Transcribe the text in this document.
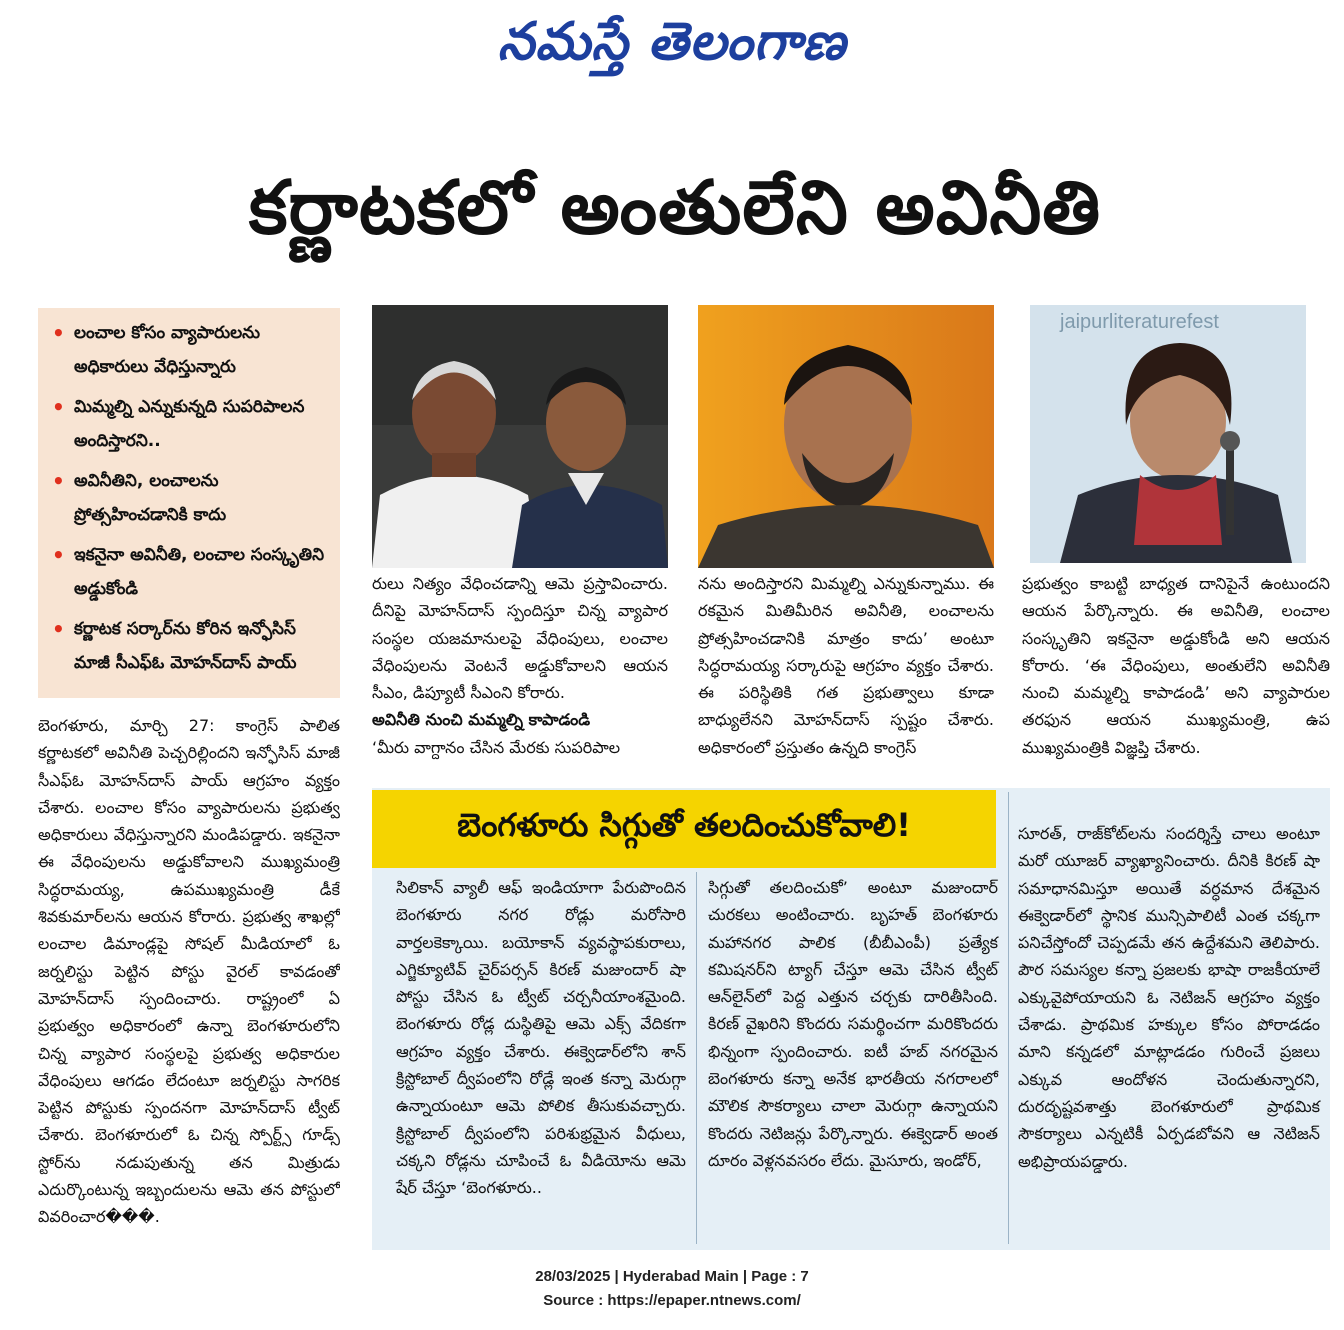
నమస్తే తెలంగాణ
కర్ణాటకలో అంతులేని అవినీతి
• లంచాల కోసం వ్యాపారులను అధికారులు వేధిస్తున్నారు
• మిమ్మల్ని ఎన్నుకున్నది సుపరిపాలన అందిస్తారని..
• అవినీతిని, లంచాలను ప్రోత్సహించడానికి కాదు
• ఇకనైనా అవినీతి, లంచాల సంస్కృతిని అడ్డుకోండి
• కర్ణాటక సర్కార్‌ను కోరిన ఇన్ఫోసిస్ మాజీ సీఎఫ్‌ఓ మోహన్‌దాస్ పాయ్
jaipurliteraturefest
బెంగళూరు, మార్చి 27: కాంగ్రెస్ పాలిత కర్ణాటకలో అవినీతి పెచ్చరిల్లిందని ఇన్ఫోసిస్ మాజీ సీఎఫ్‌ఓ మోహన్‌దాస్ పాయ్ ఆగ్రహం వ్యక్తం చేశారు. లంచాల కోసం వ్యాపారులను ప్రభుత్వ అధికారులు వేధిస్తున్నారని మండిపడ్డారు. ఇకనైనా ఈ వేధింపులను అడ్డుకోవాలని ముఖ్యమంత్రి సిద్ధరామయ్య, ఉపముఖ్యమంత్రి డీకే శివకుమార్‌లను ఆయన కోరారు. ప్రభుత్వ శాఖల్లో లంచాల డిమాండ్లపై సోషల్ మీడియాలో ఓ జర్నలిస్టు పెట్టిన పోస్టు వైరల్ కావడంతో మోహన్‌దాస్ స్పందించారు. రాష్ట్రంలో ఏ ప్రభుత్వం అధికారంలో ఉన్నా బెంగళూరులోని చిన్న వ్యాపార సంస్థలపై ప్రభుత్వ అధికారుల వేధింపులు ఆగడం లేదంటూ జర్నలిస్టు సాగరిక పెట్టిన పోస్టుకు స్పందనగా మోహన్‌దాస్ ట్వీట్ చేశారు. బెంగళూరులో ఓ చిన్న స్పోర్ట్స్ గూడ్స్ స్టోర్‌ను నడుపుతున్న తన మిత్రుడు ఎదుర్కొంటున్న ఇబ్బందులను ఆమె తన పోస్టులో వివరించార���.
రులు నిత్యం వేధించడాన్ని ఆమె ప్రస్తావించారు. దీనిపై మోహన్‌దాస్ స్పందిస్తూ చిన్న వ్యాపార సంస్థల యజమానులపై వేధింపులు, లంచాల వేధింపులను వెంటనే అడ్డుకోవాలని ఆయన సీఎం, డిప్యూటీ సీఎంని కోరారు.
అవినీతి నుంచి మమ్మల్ని కాపాడండి
‘మీరు వాగ్దానం చేసిన మేరకు సుపరిపాల
నను అందిస్తారని మిమ్మల్ని ఎన్నుకున్నాము. ఈ రకమైన మితిమీరిన అవినీతి, లంచాలను ప్రోత్సహించడానికి మాత్రం కాదు’ అంటూ సిద్ధరామయ్య సర్కారుపై ఆగ్రహం వ్యక్తం చేశారు. ఈ పరిస్థితికి గత ప్రభుత్వాలు కూడా బాధ్యులేనని మోహన్‌దాస్ స్పష్టం చేశారు. అధికారంలో ప్రస్తుతం ఉన్నది కాంగ్రెస్
ప్రభుత్వం కాబట్టి బాధ్యత దానిపైనే ఉంటుందని ఆయన పేర్కొన్నారు. ఈ అవినీతి, లంచాల సంస్కృతిని ఇకనైనా అడ్డుకోండి అని ఆయన కోరారు. ‘ఈ వేధింపులు, అంతులేని అవినీతి నుంచి మమ్మల్ని కాపాడండి’ అని వ్యాపారుల తరఫున ఆయన ముఖ్యమంత్రి, ఉప ముఖ్యమంత్రికి విజ్ఞప్తి చేశారు.
బెంగళూరు సిగ్గుతో తలదించుకోవాలి!
సిలికాన్ వ్యాలీ ఆఫ్ ఇండియాగా పేరుపొందిన బెంగళూరు నగర రోడ్లు మరోసారి వార్తలకెక్కాయి. బయోకాన్ వ్యవస్థాపకురాలు, ఎగ్జిక్యూటివ్ చైర్‌పర్సన్ కిరణ్ మజుందార్ షా పోస్టు చేసిన ఓ ట్వీట్ చర్చనీయాంశమైంది. బెంగళూరు రోడ్ల దుస్థితిపై ఆమె ఎక్స్ వేదికగా ఆగ్రహం వ్యక్తం చేశారు. ఈక్వెడార్‌లోని శాన్ క్రిస్టోబాల్ ద్వీపంలోని రోడ్లే ఇంత కన్నా మెరుగ్గా ఉన్నాయంటూ ఆమె పోలిక తీసుకువచ్చారు. క్రిస్టోబాల్ ద్వీపంలోని పరిశుభ్రమైన వీధులు, చక్కని రోడ్లను చూపించే ఓ వీడియోను ఆమె షేర్ చేస్తూ ‘బెంగళూరు..
సిగ్గుతో తలదించుకో’ అంటూ మజుందార్ చురకలు అంటించారు. బృహత్ బెంగళూరు మహానగర పాలిక (బీబీఎంపీ) ప్రత్యేక కమిషనర్‌ని ట్యాగ్ చేస్తూ ఆమె చేసిన ట్వీట్ ఆన్‌లైన్‌లో పెద్ద ఎత్తున చర్చకు దారితీసింది. కిరణ్ వైఖరిని కొందరు సమర్థించగా మరికొందరు భిన్నంగా స్పందించారు. ఐటీ హబ్ నగరమైన బెంగళూరు కన్నా అనేక భారతీయ నగరాలలో మౌలిక సౌకర్యాలు చాలా మెరుగ్గా ఉన్నాయని కొందరు నెటిజన్లు పేర్కొన్నారు. ఈక్వెడార్ అంత దూరం వెళ్లనవసరం లేదు. మైసూరు, ఇండోర్,
సూరత్, రాజ్‌కోట్‌లను సందర్శిస్తే చాలు అంటూ మరో యూజర్ వ్యాఖ్యానించారు. దీనికి కిరణ్ షా సమాధానమిస్తూ అయితే వర్ధమాన దేశమైన ఈక్వెడార్‌లో స్థానిక మున్సిపాలిటీ ఎంత చక్కగా పనిచేస్తోందో చెప్పడమే తన ఉద్దేశమని తెలిపారు. పౌర సమస్యల కన్నా ప్రజలకు భాషా రాజకీయాలే ఎక్కువైపోయాయని ఓ నెటిజన్ ఆగ్రహం వ్యక్తం చేశాడు. ప్రాథమిక హక్కుల కోసం పోరాడడం మాని కన్నడలో మాట్లాడడం గురించే ప్రజలు ఎక్కువ ఆందోళన చెందుతున్నారని, దురదృష్టవశాత్తు బెంగళూరులో ప్రాథమిక సౌకర్యాలు ఎన్నటికీ ఏర్పడబోవని ఆ నెటిజన్ అభిప్రాయపడ్డారు.
28/03/2025 | Hyderabad Main | Page : 7
Source : https://epaper.ntnews.com/
